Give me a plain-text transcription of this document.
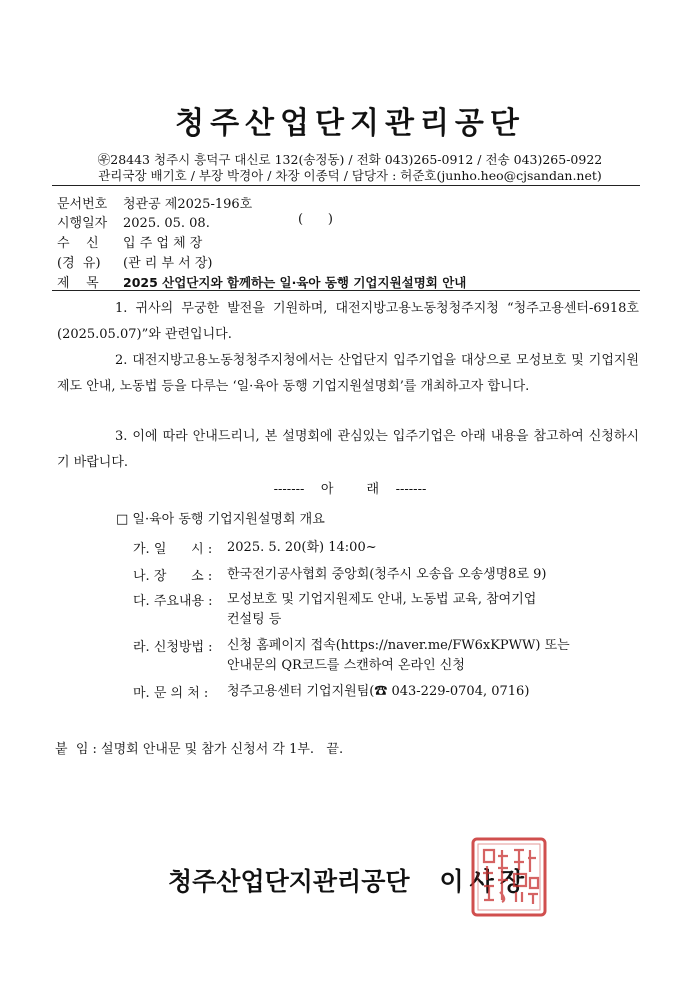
청주산업단지관리공단
㉾28443 청주시 흥덕구 대신로 132(송정동) / 전화 043)265-0912 / 전송 043)265-0922
관리국장 배기호 / 부장 박경아 / 차장 이종덕 / 담당자 : 허준호(junho.heo@cjsandan.net)
문서번호 청관공 제2025-196호
시행일자 2025. 05. 08.	(      )
수    신 입 주 업 체 장
(경  유) (관 리 부 서 장)
제    목 2025 산업단지와 함께하는 일·육아 동행 기업지원설명회 안내
1. 귀사의 무궁한 발전을 기원하며, 대전지방고용노동청청주지청 “청주고용센터-6918호(2025.05.07)”와 관련입니다.
2. 대전지방고용노동청청주지청에서는 산업단지 입주기업을 대상으로 모성보호 및 기업지원제도 안내, 노동법 등을 다루는 ‘일·육아 동행 기업지원설명회’를 개최하고자 합니다.
3. 이에 따라 안내드리니, 본 설명회에 관심있는 입주기업은 아래 내용을 참고하여 신청하시기 바랍니다.
-------    아        래    -------
□ 일·육아 동행 기업지원설명회 개요
가. 일      시 : 2025. 5. 20(화) 14:00~
나. 장      소 : 한국전기공사협회 중앙회(청주시 오송읍 오송생명8로 9)
다. 주요내용 : 모성보호 및 기업지원제도 안내, 노동법 교육, 참여기업
컨설팅 등
라. 신청방법 : 신청 홈페이지 접속(https://naver.me/FW6xKPWW) 또는
안내문의 QR코드를 스캔하여 온라인 신청
마. 문 의 처 : 청주고용센터 기업지원팀(☎ 043-229-0704, 0716)
붙  임 : 설명회 안내문 및 참가 신청서 각 1부.   끝.
청주산업단지관리공단 이사장
